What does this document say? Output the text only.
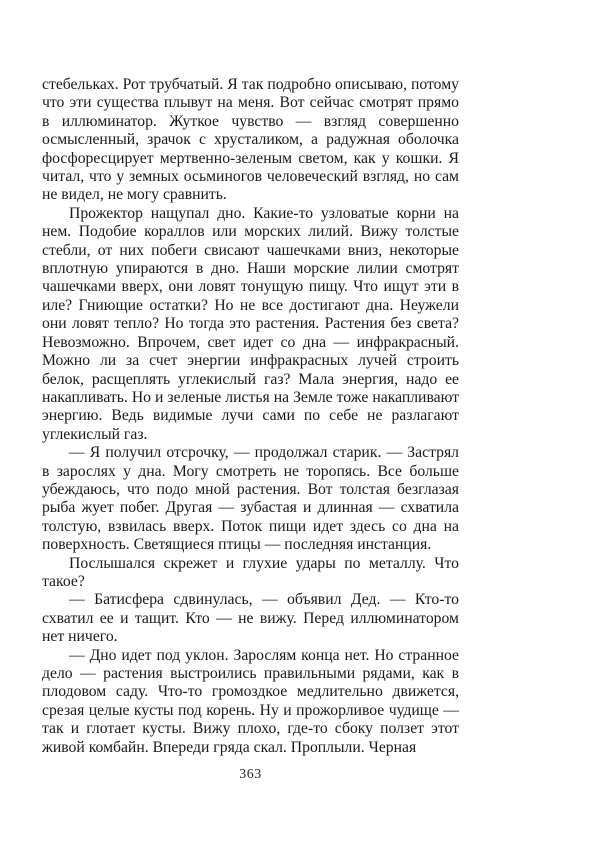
стебельках. Рот трубчатый. Я так подробно описываю, потому что эти существа плывут на меня. Вот сейчас смотрят прямо в иллюминатор. Жуткое чувство — взгляд совершенно осмысленный, зрачок с хрусталиком, а радужная оболочка фосфоресцирует мертвенно-зеленым светом, как у кошки. Я читал, что у земных осьминогов человеческий взгляд, но сам не видел, не могу сравнить.

Прожектор нащупал дно. Какие-то узловатые корни на нем. Подобие кораллов или морских лилий. Вижу толстые стебли, от них побеги свисают чашечками вниз, некоторые вплотную упираются в дно. Наши морские лилии смотрят чашечками вверх, они ловят тонущую пищу. Что ищут эти в иле? Гниющие остатки? Но не все достигают дна. Неужели они ловят тепло? Но тогда это растения. Растения без света? Невозможно. Впрочем, свет идет со дна — инфракрасный. Можно ли за счет энергии инфракрасных лучей строить белок, расщеплять углекислый газ? Мала энергия, надо ее накапливать. Но и зеленые листья на Земле тоже накапливают энергию. Ведь видимые лучи сами по себе не разлагают углекислый газ.

— Я получил отсрочку, — продолжал старик. — Застрял в зарослях у дна. Могу смотреть не торопясь. Все больше убеждаюсь, что подо мной растения. Вот толстая безглазая рыба жует побег. Другая — зубастая и длинная — схватила толстую, взвилась вверх. Поток пищи идет здесь со дна на поверхность. Светящиеся птицы — последняя инстанция.

Послышался скрежет и глухие удары по металлу. Что такое?

— Батисфера сдвинулась, — объявил Дед. — Кто-то схватил ее и тащит. Кто — не вижу. Перед иллюминатором нет ничего.

— Дно идет под уклон. Зарослям конца нет. Но странное дело — растения выстроились правильными рядами, как в плодовом саду. Что-то громоздкое медлительно движется, срезая целые кусты под корень. Ну и прожорливое чудище — так и глотает кусты. Вижу плохо, где-то сбоку ползет этот живой комбайн. Впереди гряда скал. Проплыли. Черная

363
